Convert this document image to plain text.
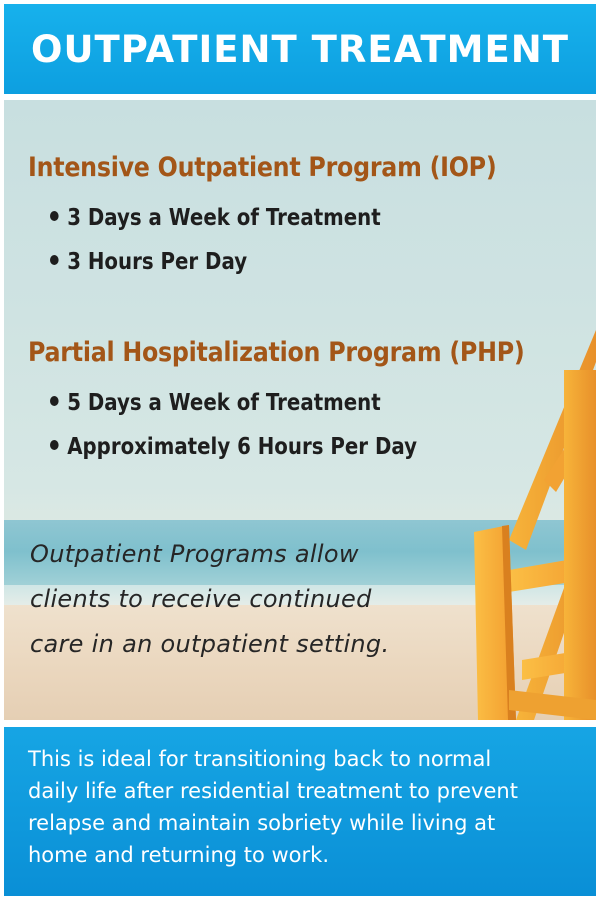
OUTPATIENT TREATMENT
Intensive Outpatient Program (IOP)
3 Days a Week of Treatment
3 Hours Per Day
Partial Hospitalization Program (PHP)
5 Days a Week of Treatment
Approximately 6 Hours Per Day
Outpatient Programs allow
clients to receive continued
care in an outpatient setting.
This is ideal for transitioning back to normal
daily life after residential treatment to prevent
relapse and maintain sobriety while living at
home and returning to work.
